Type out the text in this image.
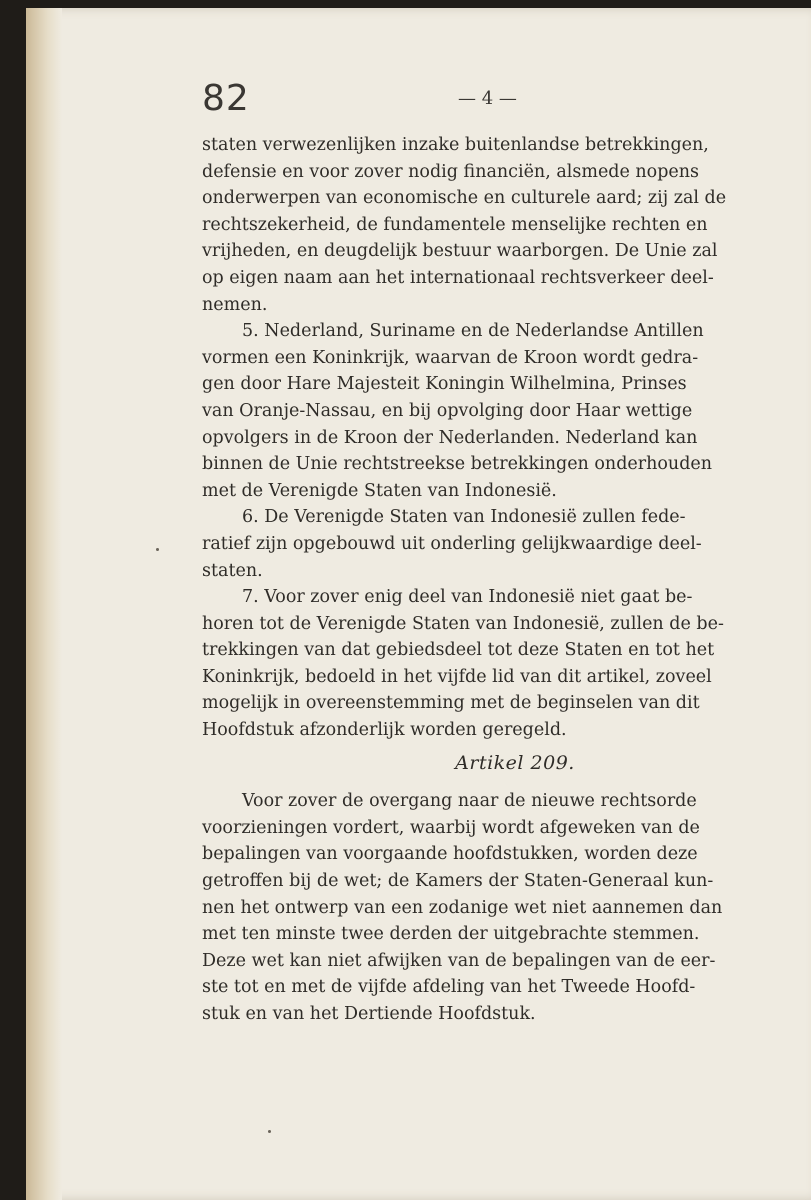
82	— 4 —

staten verwezenlijken inzake buitenlandse betrekkingen,
defensie en voor zover nodig financiën, alsmede nopens
onderwerpen van economische en culturele aard; zij zal de
rechtszekerheid, de fundamentele menselijke rechten en
vrijheden, en deugdelijk bestuur waarborgen. De Unie zal
op eigen naam aan het internationaal rechtsverkeer deel-
nemen.

5. Nederland, Suriname en de Nederlandse Antillen
vormen een Koninkrijk, waarvan de Kroon wordt gedra-
gen door Hare Majesteit Koningin Wilhelmina, Prinses
van Oranje-Nassau, en bij opvolging door Haar wettige
opvolgers in de Kroon der Nederlanden. Nederland kan
binnen de Unie rechtstreekse betrekkingen onderhouden
met de Verenigde Staten van Indonesië.

6. De Verenigde Staten van Indonesië zullen fede-
ratief zijn opgebouwd uit onderling gelijkwaardige deel-
staten.

7. Voor zover enig deel van Indonesië niet gaat be-
horen tot de Verenigde Staten van Indonesië, zullen de be-
trekkingen van dat gebiedsdeel tot deze Staten en tot het
Koninkrijk, bedoeld in het vijfde lid van dit artikel, zoveel
mogelijk in overeenstemming met de beginselen van dit
Hoofdstuk afzonderlijk worden geregeld.

Artikel 209.

Voor zover de overgang naar de nieuwe rechtsorde
voorzieningen vordert, waarbij wordt afgeweken van de
bepalingen van voorgaande hoofdstukken, worden deze
getroffen bij de wet; de Kamers der Staten-Generaal kun-
nen het ontwerp van een zodanige wet niet aannemen dan
met ten minste twee derden der uitgebrachte stemmen.
Deze wet kan niet afwijken van de bepalingen van de eer-
ste tot en met de vijfde afdeling van het Tweede Hoofd-
stuk en van het Dertiende Hoofdstuk.
